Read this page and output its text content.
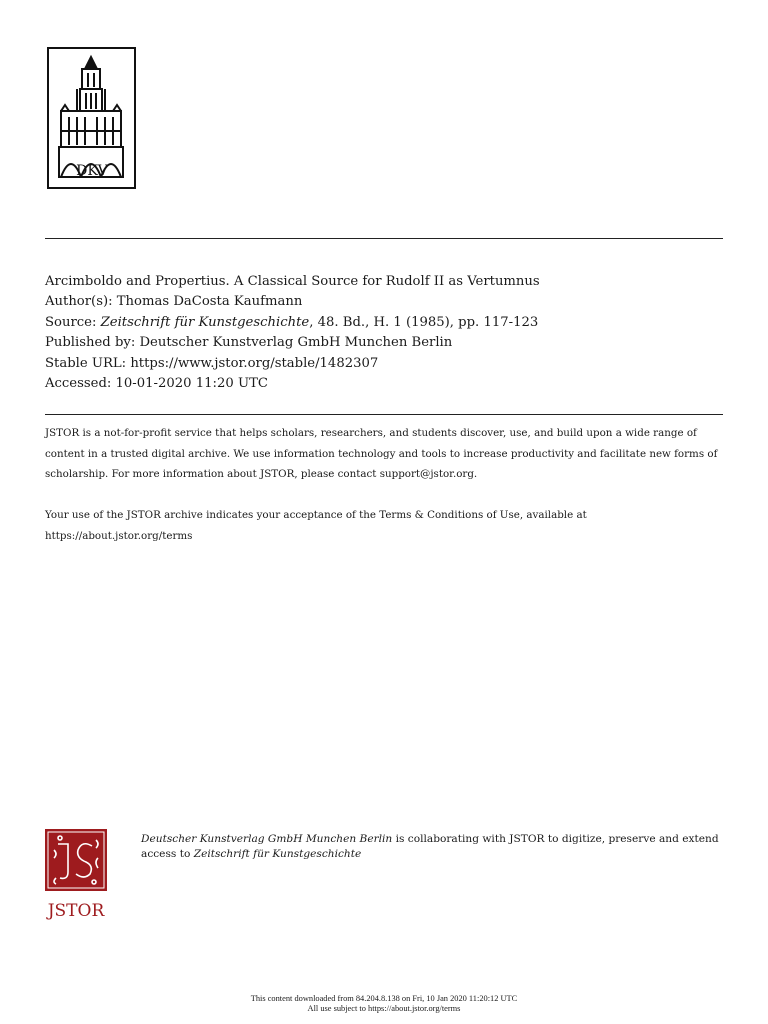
DKV
Arcimboldo and Propertius. A Classical Source for Rudolf II as Vertumnus
Author(s): Thomas DaCosta Kaufmann
Source: Zeitschrift für Kunstgeschichte, 48. Bd., H. 1 (1985), pp. 117-123
Published by: Deutscher Kunstverlag GmbH Munchen Berlin
Stable URL: https://www.jstor.org/stable/1482307
Accessed: 10-01-2020 11:20 UTC

JSTOR is a not-for-profit service that helps scholars, researchers, and students discover, use, and build upon a wide range of content in a trusted digital archive. We use information technology and tools to increase productivity and facilitate new forms of scholarship. For more information about JSTOR, please contact support@jstor.org.

Your use of the JSTOR archive indicates your acceptance of the Terms & Conditions of Use, available at https://about.jstor.org/terms

JSTOR
Deutscher Kunstverlag GmbH Munchen Berlin is collaborating with JSTOR to digitize, preserve and extend access to Zeitschrift für Kunstgeschichte
This content downloaded from 84.204.8.138 on Fri, 10 Jan 2020 11:20:12 UTC
All use subject to https://about.jstor.org/terms
